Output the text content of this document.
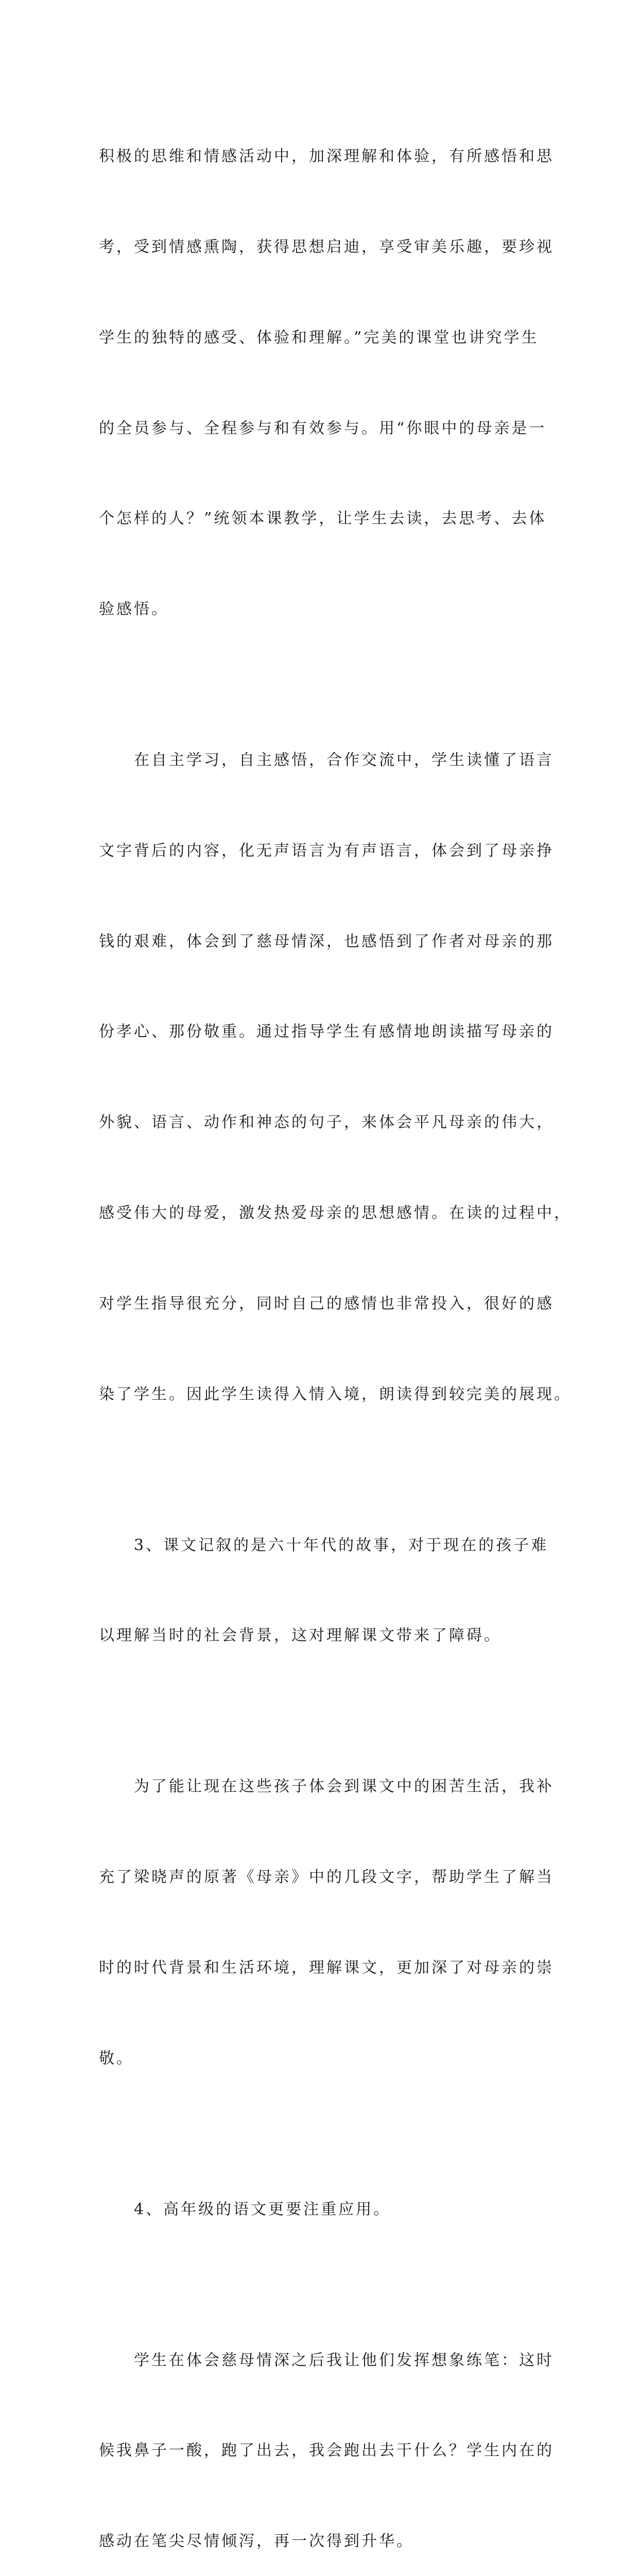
积极的思维和情感活动中，加深理解和体验，有所感悟和思

考，受到情感熏陶，获得思想启迪，享受审美乐趣，要珍视

学生的独特的感受、体验和理解。”完美的课堂也讲究学生

的全员参与、全程参与和有效参与。用“你眼中的母亲是一

个怎样的人？”统领本课教学，让学生去读，去思考、去体

验感悟。

　　在自主学习，自主感悟，合作交流中，学生读懂了语言

文字背后的内容，化无声语言为有声语言，体会到了母亲挣

钱的艰难，体会到了慈母情深，也感悟到了作者对母亲的那

份孝心、那份敬重。通过指导学生有感情地朗读描写母亲的

外貌、语言、动作和神态的句子，来体会平凡母亲的伟大，

感受伟大的母爱，激发热爱母亲的思想感情。在读的过程中，

对学生指导很充分，同时自己的感情也非常投入，很好的感

染了学生。因此学生读得入情入境，朗读得到较完美的展现。

　　3、课文记叙的是六十年代的故事，对于现在的孩子难

以理解当时的社会背景，这对理解课文带来了障碍。

　　为了能让现在这些孩子体会到课文中的困苦生活，我补

充了梁晓声的原著《母亲》中的几段文字，帮助学生了解当

时的时代背景和生活环境，理解课文，更加深了对母亲的崇

敬。

　　4、高年级的语文更要注重应用。

　　学生在体会慈母情深之后我让他们发挥想象练笔：这时

候我鼻子一酸，跑了出去，我会跑出去干什么？学生内在的

感动在笔尖尽情倾泻，再一次得到升华。
